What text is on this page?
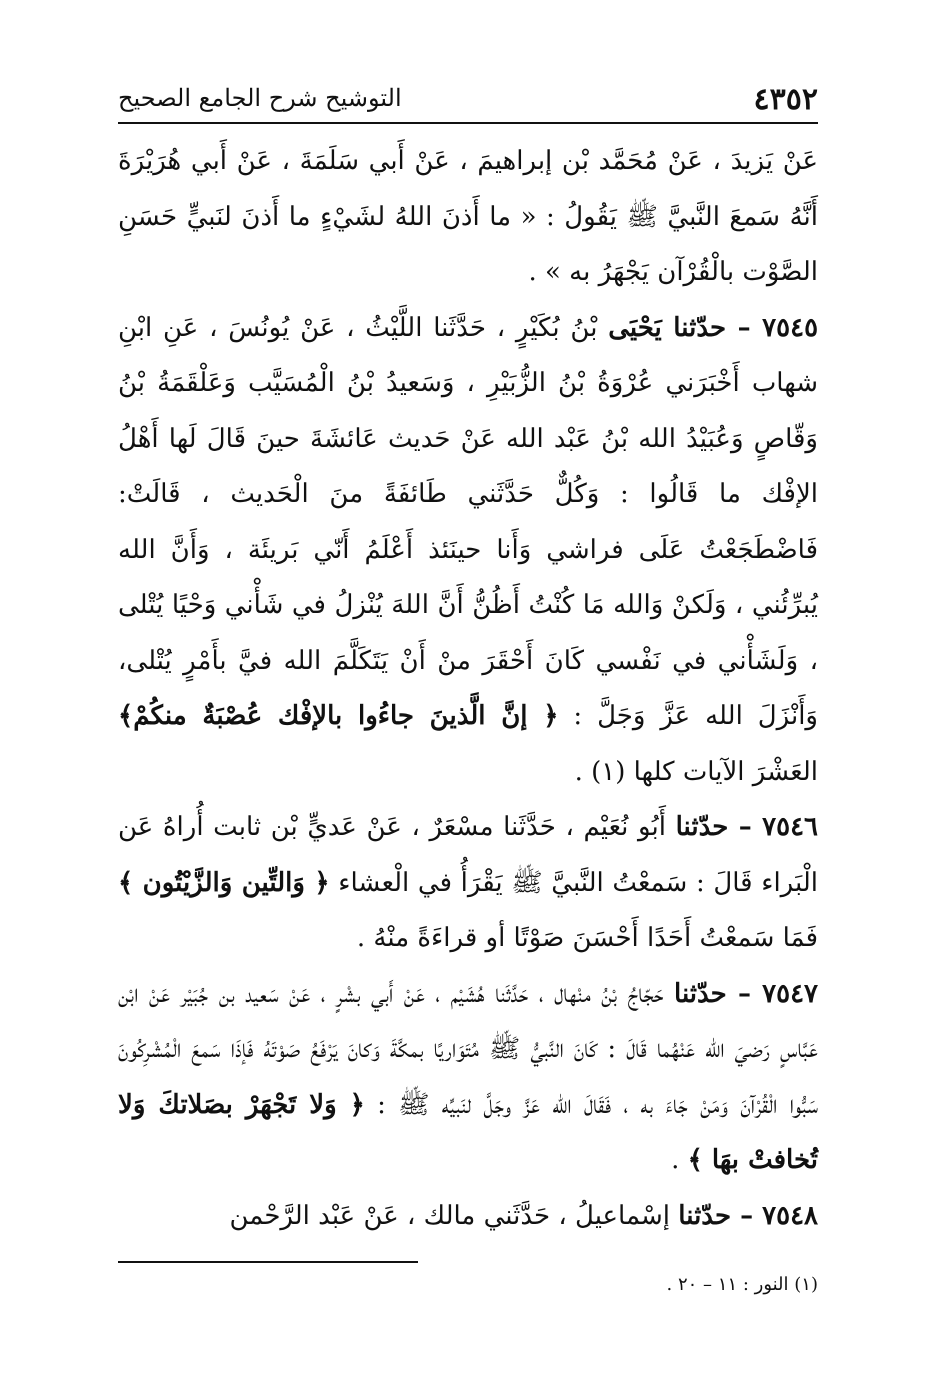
٤٣٥٢
التوشيح شرح الجامع الصحيح

عَنْ يَزيدَ ، عَنْ مُحَمَّد بْن إبراهيمَ ، عَنْ أَبي سَلَمَةَ ، عَنْ أَبي هُرَيْرَةَ أَنَّهُ سَمعَ النَّبيَّ ﷺ يَقُولُ : « ما أَذنَ اللهُ لشَيْءٍ ما أَذنَ لنَبيٍّ حَسَنِ الصَّوْت بالْقُرْآن يَجْهَرُ به » .

٧٥٤٥ – حدّثنا يَحْيَى بْنُ بُكَيْرٍ ، حَدَّثَنا اللَّيْثُ ، عَنْ يُونُسَ ، عَنِ ابْنِ شهاب أَخْبَرَني عُرْوَةُ بْنُ الزُّبَيْرِ ، وَسَعيدُ بْنُ الْمُسَيَّب وَعَلْقَمَةُ بْنُ وَقّاصٍ وَعُبَيْدُ الله بْنُ عَبْد الله عَنْ حَديث عَائشَةَ حينَ قَالَ لَها أَهْلُ الإفْك ما قَالُوا : وَكُلٌّ حَدَّثَني طَائفَةً منَ الْحَديث ، قَالَتْ: فَاضْطَجَعْتُ عَلَى فراشي وَأَنا حينَئذ أَعْلَمُ أَنّي بَريئَة ، وَأَنَّ الله يُبرِّئُني ، وَلَكنْ وَالله مَا كُنْتُ أَظُنُّ أَنَّ اللهَ يُنْزلُ في شَأْني وَحْيًا يُتْلى ، وَلَشَأْني في نَفْسي كَانَ أَحْقَرَ منْ أَنْ يَتَكَلَّمَ الله فيَّ بأَمْرٍ يُتْلى، وَأَنْزَلَ الله عَزَّ وَجَلَّ : ﴿ إنَّ الَّذينَ جاءُوا بالإفْك عُصْبَةٌ منكُمْ﴾ العَشْرَ الآيات كلها (١) .

٧٥٤٦ – حدّثنا أَبُو نُعَيْم ، حَدَّثَنا مسْعَرٌ ، عَنْ عَديٍّ بْن ثابت أُراهُ عَن الْبَراء قَالَ : سَمعْتُ النَّبيَّ ﷺ يَقْرَأُ في الْعشاء ﴿ وَالتِّين وَالزَّيْتُون ﴾ فَمَا سَمعْتُ أَحَدًا أَحْسَنَ صَوْتًا أو قراءَةً منْهُ .

٧٥٤٧ – حدّثنا حَجّاجُ بْنُ منْهال ، حَدَّثَنا هُشَيْم ، عَنْ أَبي بشْرٍ ، عَنْ سَعيد بن جُبَيْر عَنْ ابْن عَبَّاسٍ رَضيَ الله عَنْهُما قَالَ : كَانَ النَّبيُّ ﷺ مُتَوَاريًا بمكَّةَ وَكانَ يَرْفَعُ صَوْتَهُ فَإذَا سَمعَ الْمُشْرِكُونَ سَبُّوا الْقُرْآنَ وَمَنْ جَاءَ به ، فَقَالَ الله عَزَّ وجَلَّ لنَبيِّه ﷺ : ﴿ وَلا تَجْهَرْ بصَلاتكَ وَلا تُخافتْ بهَا ﴾ .

٧٥٤٨ – حدّثنا إسْماعيلُ ، حَدَّثَني مالك ، عَنْ عَبْد الرَّحْمن

(١) النور : ١١ – ٢٠ .
